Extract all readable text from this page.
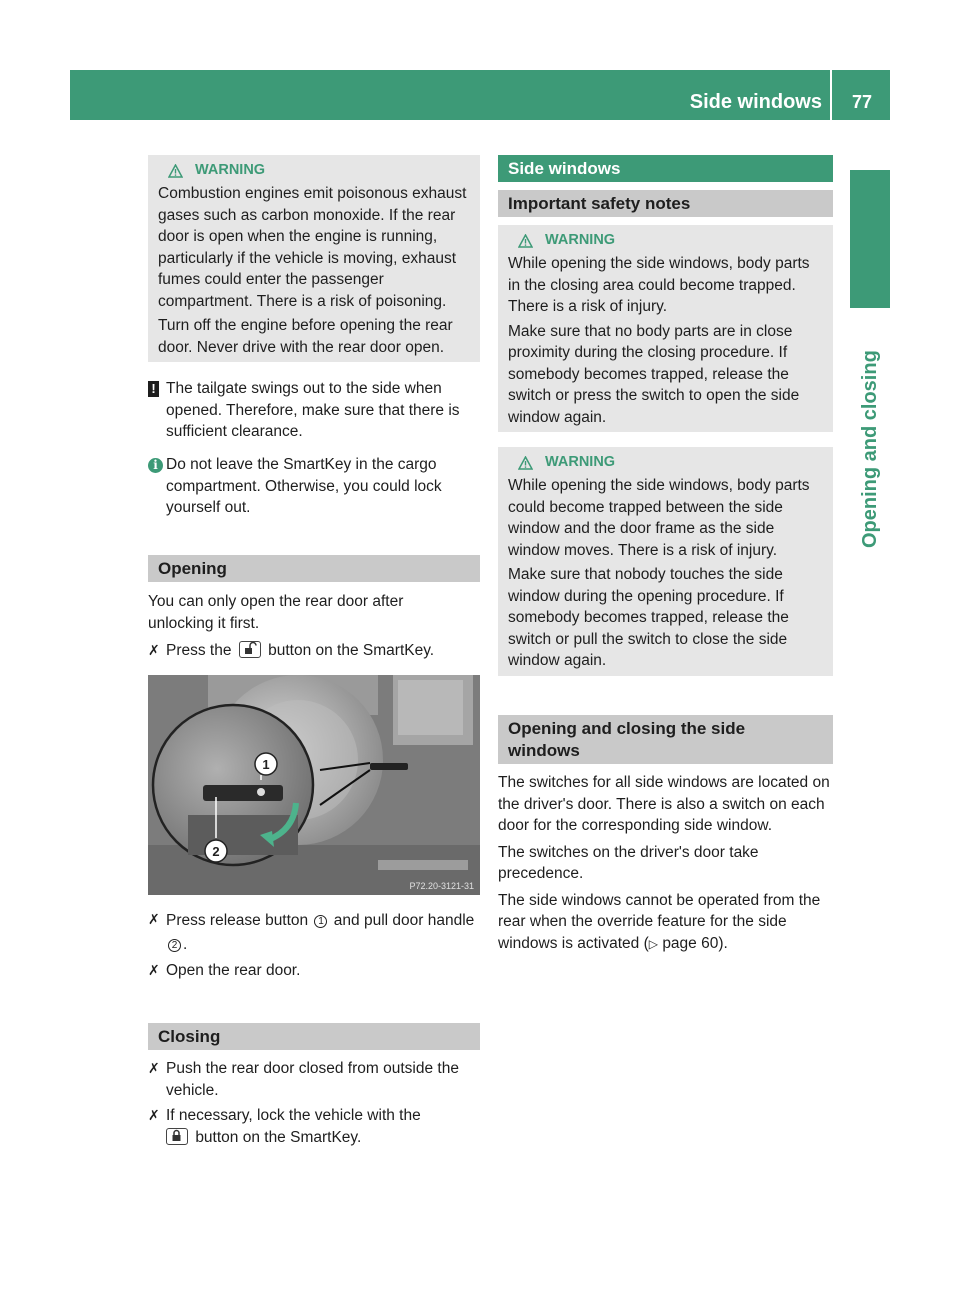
Side windows 77
Opening and closing
WARNING

Combustion engines emit poisonous exhaust gases such as carbon monoxide. If the rear door is open when the engine is running, particularly if the vehicle is moving, exhaust fumes could enter the passenger compartment. There is a risk of poisoning.

Turn off the engine before opening the rear door. Never drive with the rear door open.

! The tailgate swings out to the side when opened. Therefore, make sure that there is sufficient clearance.

i Do not leave the SmartKey in the cargo compartment. Otherwise, you could lock yourself out.

Opening

You can only open the rear door after unlocking it first.

✗ Press the button on the SmartKey.

1
2
P72.20-3121-31
✗ Press release button 1 and pull door handle 2 .

✗ Open the rear door.

Closing
✗ Push the rear door closed from outside the vehicle.

✗ If necessary, lock the vehicle with the

button on the SmartKey.

Side windows
Important safety notes
WARNING

While opening the side windows, body parts in the closing area could become trapped. There is a risk of injury.

Make sure that no body parts are in close proximity during the closing procedure. If somebody becomes trapped, release the switch or press the switch to open the side window again.

WARNING

While opening the side windows, body parts could become trapped between the side window and the door frame as the side window moves. There is a risk of injury.

Make sure that nobody touches the side window during the opening procedure. If somebody becomes trapped, release the switch or pull the switch to close the side window again.

Opening and closing the side windows

The switches for all side windows are located on the driver's door. There is also a switch on each door for the corresponding side window.

The switches on the driver's door take precedence.

The side windows cannot be operated from the rear when the override feature for the side windows is activated (▷ page 60).
